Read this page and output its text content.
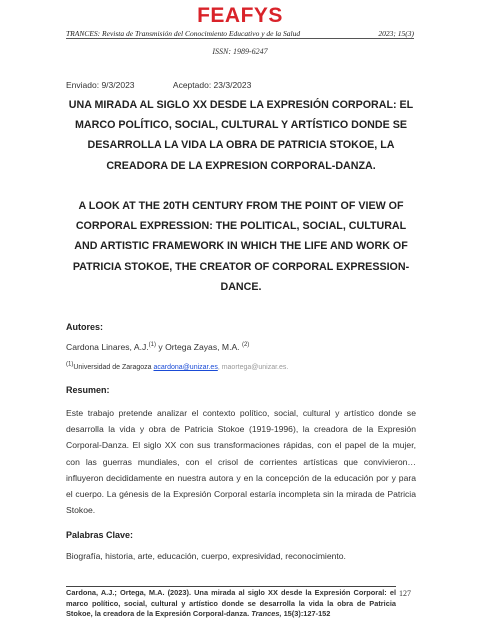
FEAFYS
TRANCES: Revista de Transmisión del Conocimiento Educativo y de la Salud	2023; 15(3)
ISSN: 1989-6247
Enviado: 9/3/2023	Aceptado: 23/3/2023
UNA MIRADA AL SIGLO XX DESDE LA EXPRESIÓN CORPORAL: EL MARCO POLÍTICO, SOCIAL, CULTURAL Y ARTÍSTICO DONDE SE DESARROLLA LA VIDA LA OBRA DE PATRICIA STOKOE, LA CREADORA DE LA EXPRESION CORPORAL-DANZA.
A LOOK AT THE 20TH CENTURY FROM THE POINT OF VIEW OF CORPORAL EXPRESSION: THE POLITICAL, SOCIAL, CULTURAL AND ARTISTIC FRAMEWORK IN WHICH THE LIFE AND WORK OF PATRICIA STOKOE, THE CREATOR OF CORPORAL EXPRESSION-DANCE.
Autores:
Cardona Linares, A.J.$^{(1)}$ y Ortega Zayas, M.A. $^{(2)}$
$^{(1)}$Universidad de Zaragoza acardona@unizar.es, maortega@unizar.es.
Resumen:
Este trabajo pretende analizar el contexto político, social, cultural y artístico donde se desarrolla la vida y obra de Patricia Stokoe (1919-1996), la creadora de la Expresión Corporal-Danza. El siglo XX con sus transformaciones rápidas, con el papel de la mujer, con las guerras mundiales, con el crisol de corrientes artísticas que convivieron… influyeron decididamente en nuestra autora y en la concepción de la educación por y para el cuerpo. La génesis de la Expresión Corporal estaría incompleta sin la mirada de Patricia Stokoe.
Palabras Clave:
Biografía, historia, arte, educación, cuerpo, expresividad, reconocimiento.
Cardona, A.J.; Ortega, M.A. (2023). Una mirada al siglo XX desde la Expresión Corporal: el marco político, social, cultural y artístico donde se desarrolla la vida la obra de Patricia Stokoe, la creadora de la Expresión Corporal-danza. Trances, 15(3):127-152
127
